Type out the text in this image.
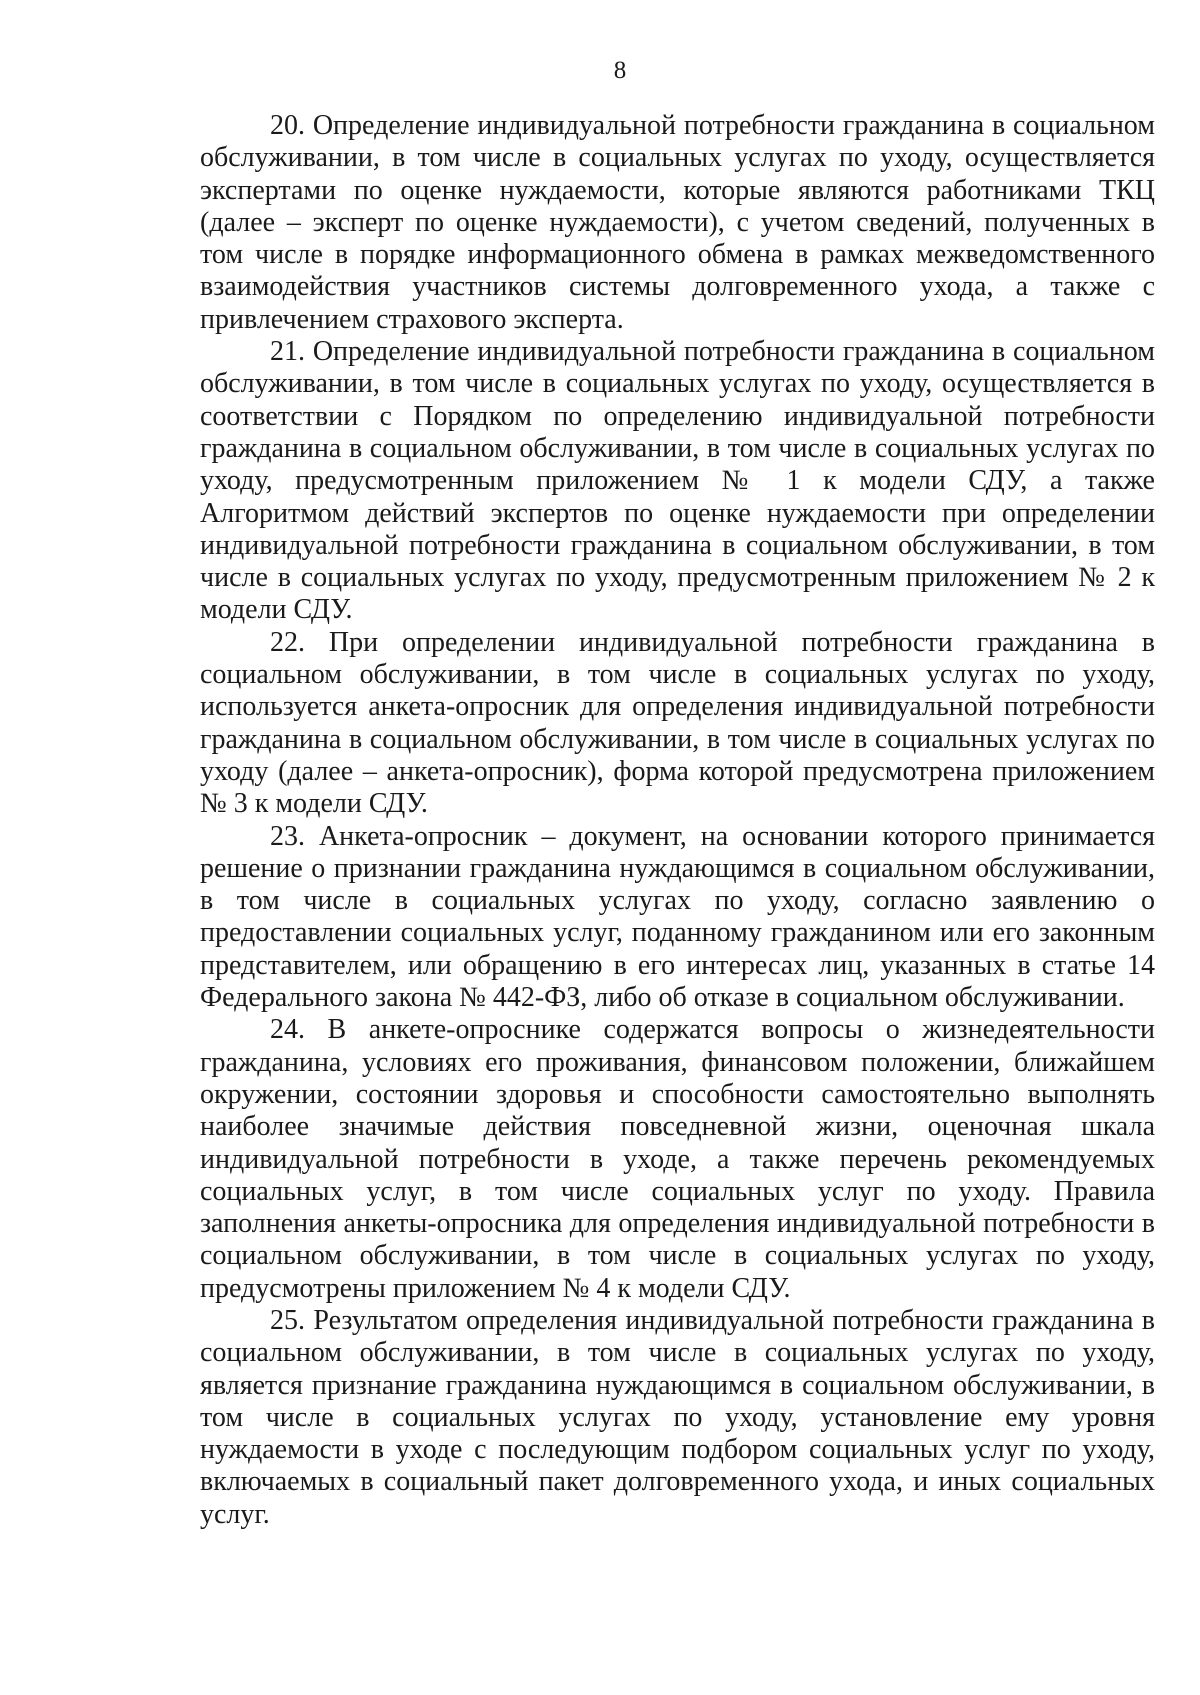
8

20. Определение индивидуальной потребности гражданина в социальном обслуживании, в том числе в социальных услугах по уходу, осуществляется экспертами по оценке нуждаемости, которые являются работниками ТКЦ (далее – эксперт по оценке нуждаемости), с учетом сведений, полученных в том числе в порядке информационного обмена в рамках межведомственного взаимодействия участников системы долговременного ухода, а также с привлечением страхового эксперта.

21. Определение индивидуальной потребности гражданина в социальном обслуживании, в том числе в социальных услугах по уходу, осуществляется в соответствии с Порядком по определению индивидуальной потребности гражданина в социальном обслуживании, в том числе в социальных услугах по уходу, предусмотренным приложением № 1 к модели СДУ, а также Алгоритмом действий экспертов по оценке нуждаемости при определении индивидуальной потребности гражданина в социальном обслуживании, в том числе в социальных услугах по уходу, предусмотренным приложением № 2 к модели СДУ.

22. При определении индивидуальной потребности гражданина в социальном обслуживании, в том числе в социальных услугах по уходу, используется анкета-опросник для определения индивидуальной потребности гражданина в социальном обслуживании, в том числе в социальных услугах по уходу (далее – анкета-опросник), форма которой предусмотрена приложением № 3 к модели СДУ.

23. Анкета-опросник – документ, на основании которого принимается решение о признании гражданина нуждающимся в социальном обслуживании, в том числе в социальных услугах по уходу, согласно заявлению о предоставлении социальных услуг, поданному гражданином или его законным представителем, или обращению в его интересах лиц, указанных в статье 14 Федерального закона № 442-ФЗ, либо об отказе в социальном обслуживании.

24. В анкете-опроснике содержатся вопросы о жизнедеятельности гражданина, условиях его проживания, финансовом положении, ближайшем окружении, состоянии здоровья и способности самостоятельно выполнять наиболее значимые действия повседневной жизни, оценочная шкала индивидуальной потребности в уходе, а также перечень рекомендуемых социальных услуг, в том числе социальных услуг по уходу. Правила заполнения анкеты-опросника для определения индивидуальной потребности в социальном обслуживании, в том числе в социальных услугах по уходу, предусмотрены приложением № 4 к модели СДУ.

25. Результатом определения индивидуальной потребности гражданина в социальном обслуживании, в том числе в социальных услугах по уходу, является признание гражданина нуждающимся в социальном обслуживании, в том числе в социальных услугах по уходу, установление ему уровня нуждаемости в уходе с последующим подбором социальных услуг по уходу, включаемых в социальный пакет долговременного ухода, и иных социальных услуг.
